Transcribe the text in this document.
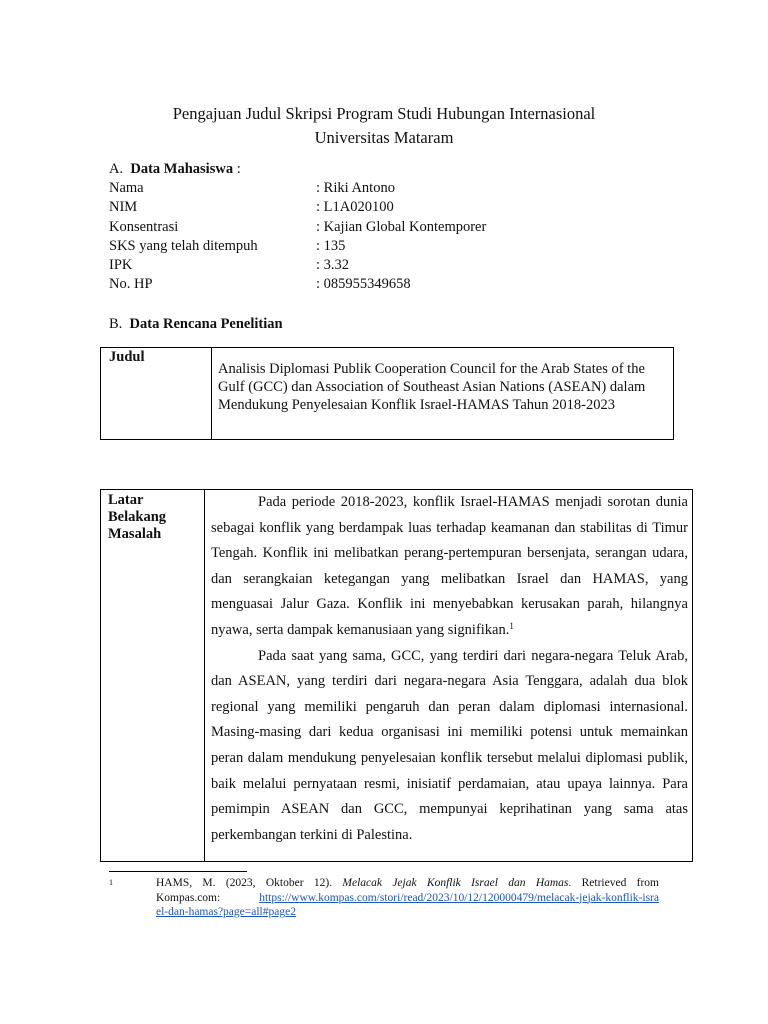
Pengajuan Judul Skripsi Program Studi Hubungan Internasional
Universitas Mataram
A. Data Mahasiswa :
Nama	: Riki Antono
NIM	: L1A020100
Konsentrasi	: Kajian Global Kontemporer
SKS yang telah ditempuh	: 135
IPK	: 3.32
No. HP	: 085955349658
B. Data Rencana Penelitian
Judul

Analisis Diplomasi Publik Cooperation Council for the Arab States of the Gulf (GCC) dan Association of Southeast Asian Nations (ASEAN) dalam Mendukung Penyelesaian Konflik Israel-HAMAS Tahun 2018-2023
Latar
Belakang
Masalah

Pada periode 2018-2023, konflik Israel-HAMAS menjadi sorotan dunia sebagai konflik yang berdampak luas terhadap keamanan dan stabilitas di Timur Tengah. Konflik ini melibatkan perang-pertempuran bersenjata, serangan udara, dan serangkaian ketegangan yang melibatkan Israel dan HAMAS, yang menguasai Jalur Gaza. Konflik ini menyebabkan kerusakan parah, hilangnya nyawa, serta dampak kemanusiaan yang signifikan.$^1$

Pada saat yang sama, GCC, yang terdiri dari negara-negara Teluk Arab, dan ASEAN, yang terdiri dari negara-negara Asia Tenggara, adalah dua blok regional yang memiliki pengaruh dan peran dalam diplomasi internasional. Masing-masing dari kedua organisasi ini memiliki potensi untuk memainkan peran dalam mendukung penyelesaian konflik tersebut melalui diplomasi publik, baik melalui pernyataan resmi, inisiatif perdamaian, atau upaya lainnya. Para pemimpin ASEAN dan GCC, mempunyai keprihatinan yang sama atas perkembangan terkini di Palestina.

1	HAMS, M. (2023, Oktober 12). Melacak Jejak Konflik Israel dan Hamas. Retrieved from Kompas.com:	https://www.kompas.com/stori/read/2023/10/12/120000479/melacak-jejak-konflik-israel-dan-hamas?page=all#page2
